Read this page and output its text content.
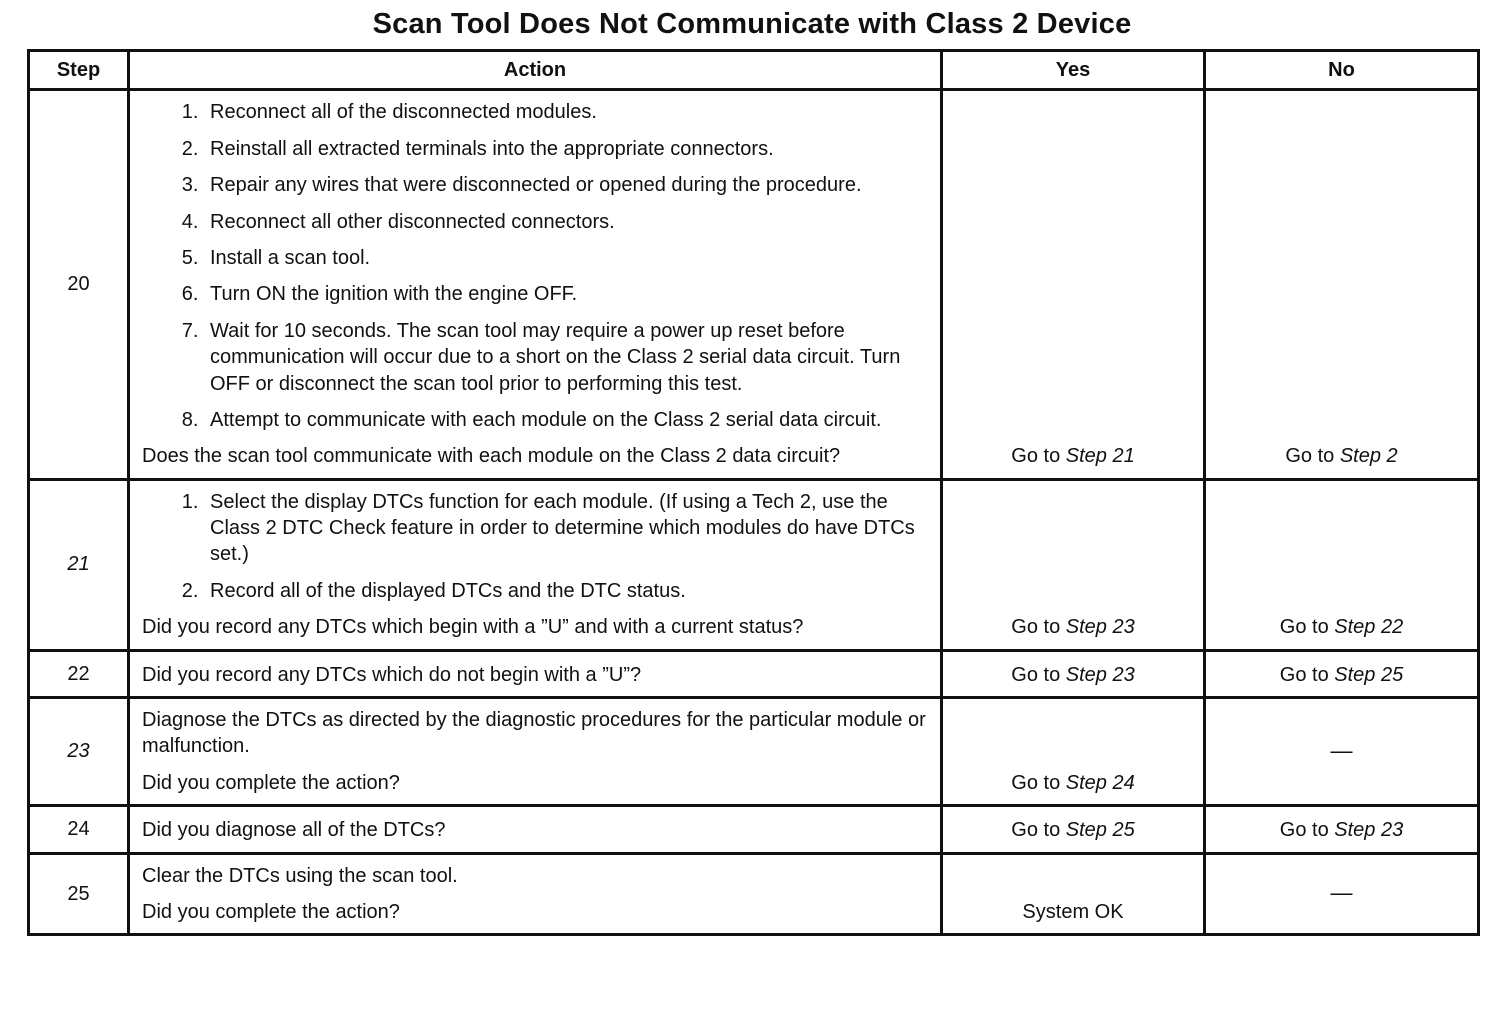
Scan Tool Does Not Communicate with Class 2 Device
Step	Action	Yes	No
20	
1. Reconnect all of the disconnected modules.
2. Reinstall all extracted terminals into the appropriate connectors.
3. Repair any wires that were disconnected or opened during the procedure.
4. Reconnect all other disconnected connectors.
5. Install a scan tool.
6. Turn ON the ignition with the engine OFF.
7. Wait for 10 seconds. The scan tool may require a power up reset before communication will occur due to a short on the Class 2 serial data circuit. Turn OFF or disconnect the scan tool prior to performing this test.
8. Attempt to communicate with each module on the Class 2 serial data circuit.

Does the scan tool communicate with each module on the Class 2 data circuit?	Go to Step 21	Go to Step 2
21	
1. Select the display DTCs function for each module. (If using a Tech 2, use the Class 2 DTC Check feature in order to determine which modules do have DTCs set.)
2. Record all of the displayed DTCs and the DTC status.

Did you record any DTCs which begin with a ”U” and with a current status?	Go to Step 23	Go to Step 22
22	Did you record any DTCs which do not begin with a ”U”?	Go to Step 23	Go to Step 25
23	Diagnose the DTCs as directed by the diagnostic procedures for the particular module or malfunction.

Did you complete the action?	Go to Step 24	—
24	Did you diagnose all of the DTCs?	Go to Step 25	Go to Step 23
25	Clear the DTCs using the scan tool.

Did you complete the action?	System OK	—
